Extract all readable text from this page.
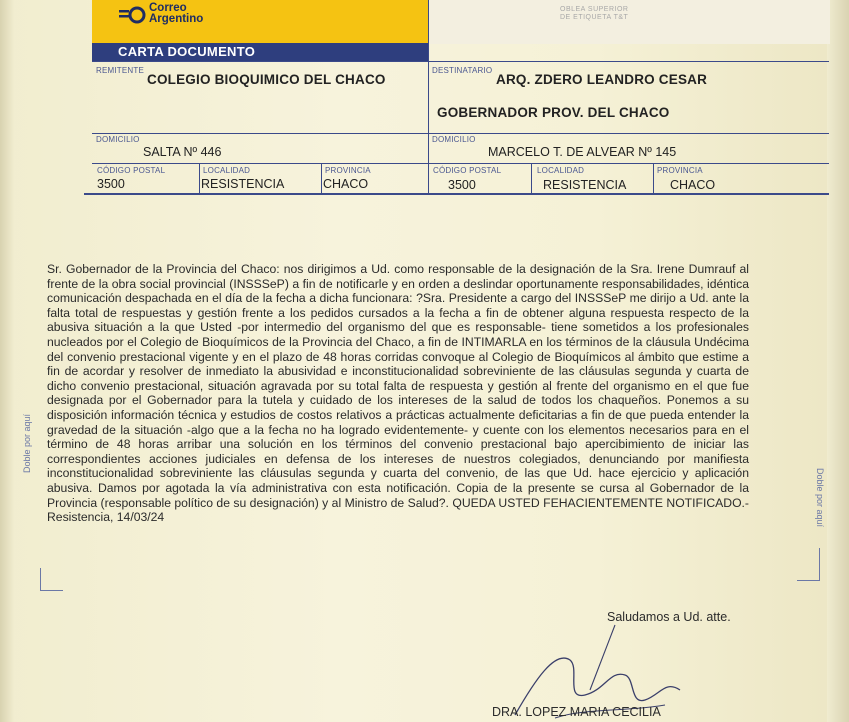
Correo
Argentino
OBLEA SUPERIOR
DE ETIQUETA T&T
CARTA DOCUMENTO
REMITENTE
COLEGIO BIOQUIMICO DEL CHACO
DOMICILIO
SALTA Nº 446
CÓDIGO POSTAL
3500
LOCALIDAD
RESISTENCIA
PROVINCIA
CHACO
DESTINATARIO
ARQ. ZDERO LEANDRO CESAR
GOBERNADOR PROV. DEL CHACO
DOMICILIO
MARCELO T. DE ALVEAR Nº 145
CÓDIGO POSTAL
3500
LOCALIDAD
RESISTENCIA
PROVINCIA
CHACO

Sr. Gobernador de la Provincia del Chaco: nos dirigimos a Ud. como responsable de la designación de la Sra. Irene Dumrauf al frente de la obra social provincial (INSSSeP) a fin de notificarle y en orden a deslindar oportunamente responsabilidades, idéntica comunicación despachada en el día de la fecha a dicha funcionara: ?Sra. Presidente a cargo del INSSSeP me dirijo a Ud. ante la falta total de respuestas y gestión frente a los pedidos cursados a la fecha a fin de obtener alguna respuesta respecto de la abusiva situación a la que Usted -por intermedio del organismo del que es responsable- tiene sometidos a los profesionales nucleados por el Colegio de Bioquímicos de la Provincia del Chaco, a fin de INTIMARLA en los términos de la cláusula Undécima del convenio prestacional vigente y en el plazo de 48 horas corridas convoque al Colegio de Bioquímicos al ámbito que estime a fin de acordar y resolver de inmediato la abusividad e inconstitucionalidad sobreviniente de las cláusulas segunda y cuarta de dicho convenio prestacional, situación agravada por su total falta de respuesta y gestión al frente del organismo en el que fue designada por el Gobernador para la tutela y cuidado de los intereses de la salud de todos los chaqueños. Ponemos a su disposición información técnica y estudios de costos relativos a prácticas actualmente deficitarias a fin de que pueda entender la gravedad de la situación -algo que a la fecha no ha logrado evidentemente- y cuente con los elementos necesarios para en el término de 48 horas arribar una solución en los términos del convenio prestacional bajo apercibimiento de iniciar las correspondientes acciones judiciales en defensa de los intereses de nuestros colegiados, denunciando por manifiesta inconstitucionalidad sobreviniente las cláusulas segunda y cuarta del convenio, de las que Ud. hace ejercicio y aplicación abusiva. Damos por agotada la vía administrativa con esta notificación. Copia de la presente se cursa al Gobernador de la Provincia (responsable político de su designación) y al Ministro de Salud?. QUEDA USTED FEHACIENTEMENTE NOTIFICADO.- Resistencia, 14/03/24

Doble por aquí
Doble por aquí
Saludamos a Ud. atte.
DRA. LOPEZ MARIA CECILIA
